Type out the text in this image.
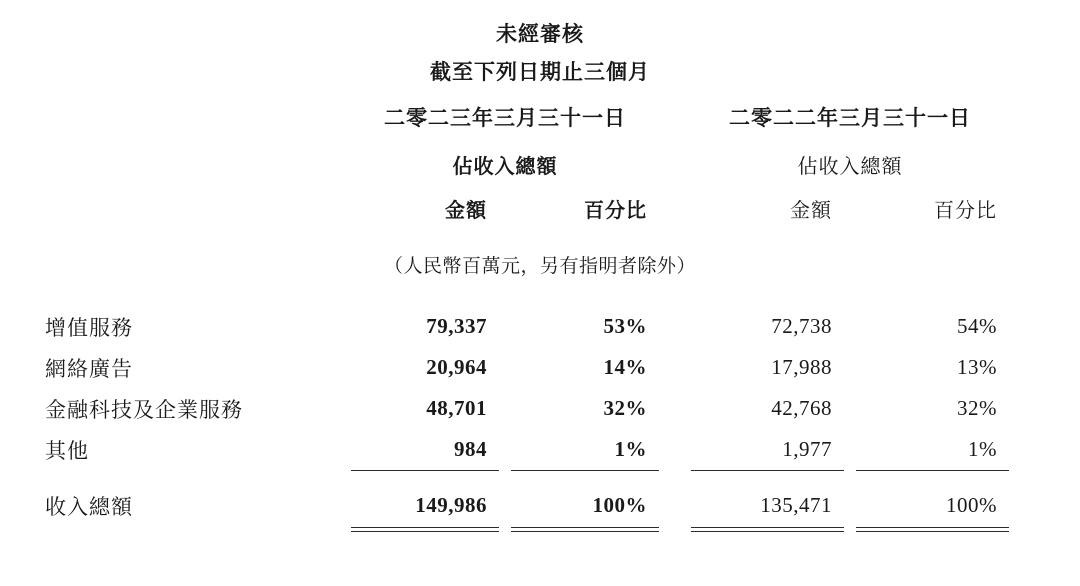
未經審核
截至下列日期止三個月
	二零二三年三月三十一日			二零二二年三月三十一日		
	佔收入總額			佔收入總額		
	金額	百分比		金額	百分比	
（人民幣百萬元，另有指明者除外）						

增值服務	79,337	53%		72,738	54%	
網絡廣告	20,964	14%		17,988	13%	
金融科技及企業服務	48,701	32%		42,768	32%	
其他	984	1%		1,977	1%	

收入總額	149,986	100%		135,471	100%	
